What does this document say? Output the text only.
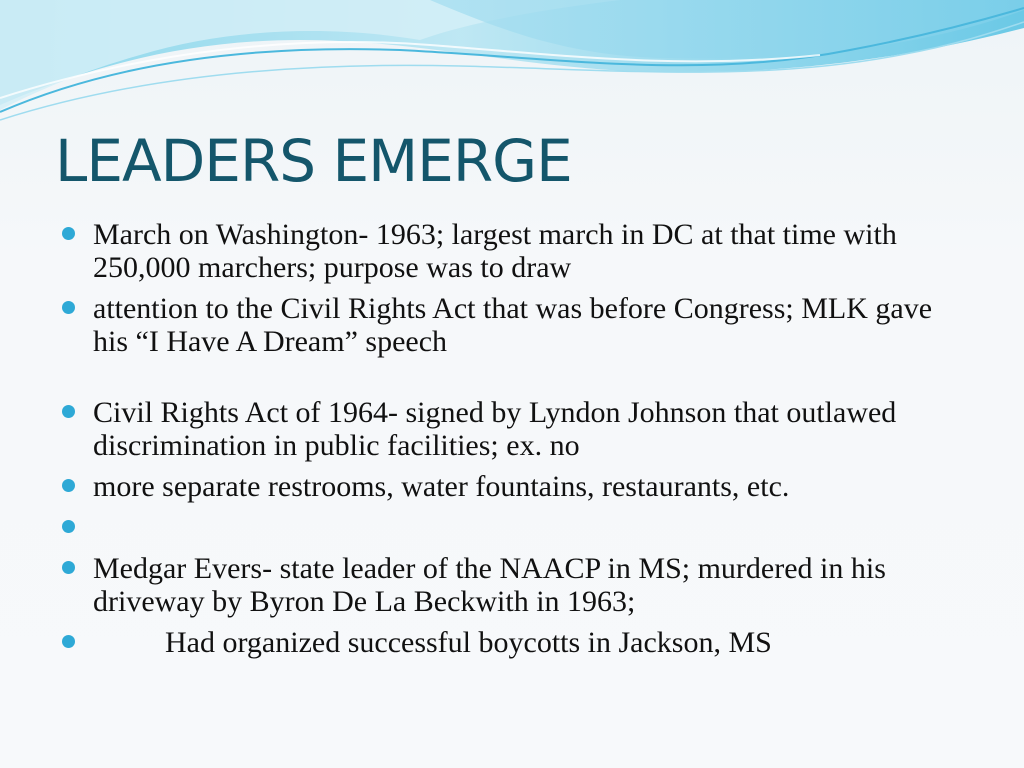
LEADERS EMERGE
March on Washington- 1963; largest march in DC at that time with 250,000 marchers; purpose was to draw
attention to the Civil Rights Act that was before Congress; MLK gave his “I Have A Dream” speech
Civil Rights Act of 1964- signed by Lyndon Johnson that outlawed discrimination in public facilities; ex. no
more separate restrooms, water fountains, restaurants, etc.
Medgar Evers- state leader of the NAACP in MS; murdered in his driveway by Byron De La Beckwith in 1963;
Had organized successful boycotts in Jackson, MS
